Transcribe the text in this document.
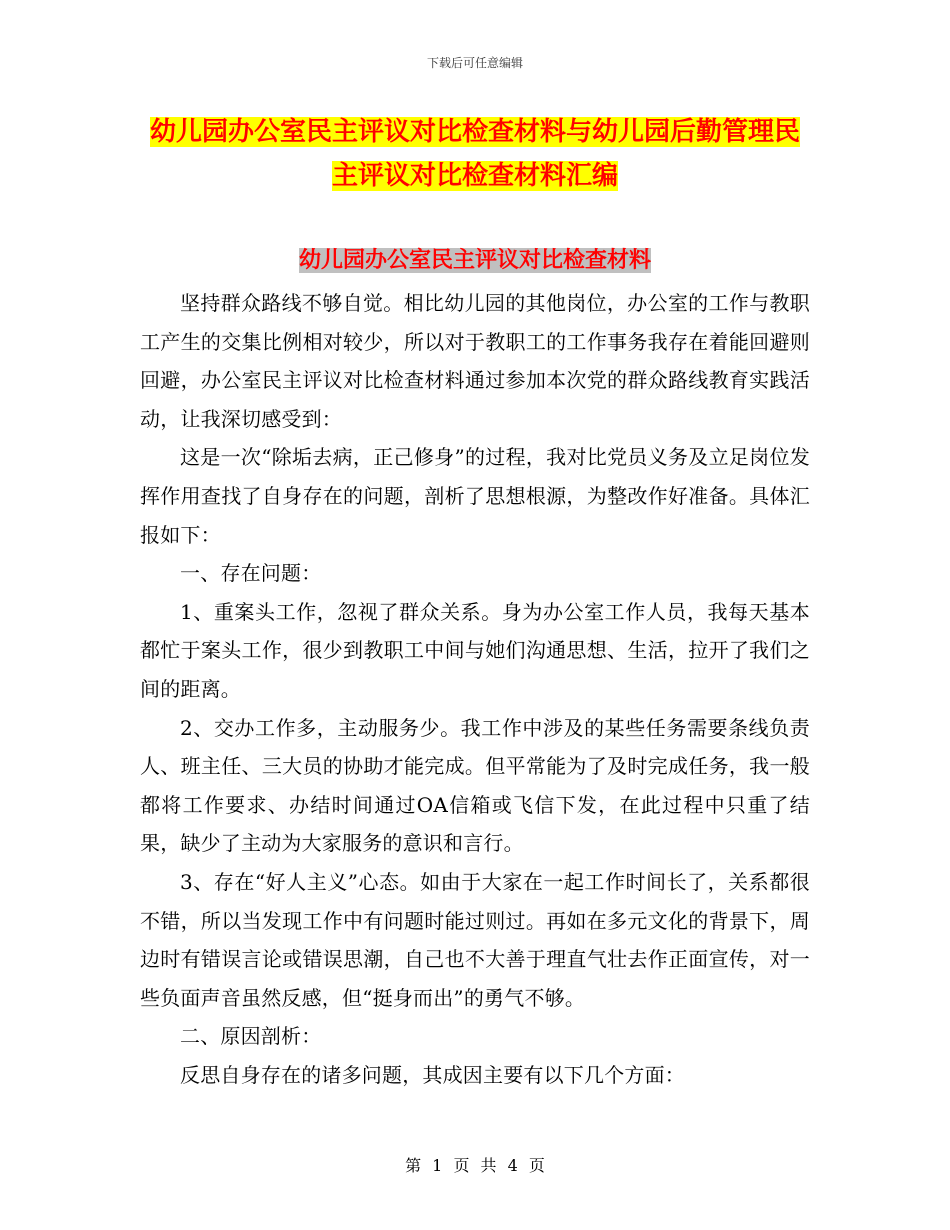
下载后可任意编辑
幼儿园办公室民主评议对比检查材料与幼儿园后勤管理民主评议对比检查材料汇编
幼儿园办公室民主评议对比检查材料

坚持群众路线不够自觉。相比幼儿园的其他岗位，办公室的工作与教职工产生的交集比例相对较少，所以对于教职工的工作事务我存在着能回避则回避，办公室民主评议对比检查材料通过参加本次党的群众路线教育实践活动，让我深切感受到：

这是一次“除垢去病，正己修身”的过程，我对比党员义务及立足岗位发挥作用查找了自身存在的问题，剖析了思想根源，为整改作好准备。具体汇报如下：

一、存在问题：

1、重案头工作，忽视了群众关系。身为办公室工作人员，我每天基本都忙于案头工作，很少到教职工中间与她们沟通思想、生活，拉开了我们之间的距离。

2、交办工作多，主动服务少。我工作中涉及的某些任务需要条线负责人、班主任、三大员的协助才能完成。但平常能为了及时完成任务，我一般都将工作要求、办结时间通过OA信箱或飞信下发，在此过程中只重了结果，缺少了主动为大家服务的意识和言行。

3、存在“好人主义”心态。如由于大家在一起工作时间长了，关系都很不错，所以当发现工作中有问题时能过则过。再如在多元文化的背景下，周边时有错误言论或错误思潮，自己也不大善于理直气壮去作正面宣传，对一些负面声音虽然反感，但“挺身而出”的勇气不够。

二、原因剖析：

反思自身存在的诸多问题，其成因主要有以下几个方面：

第 1 页 共 4 页
